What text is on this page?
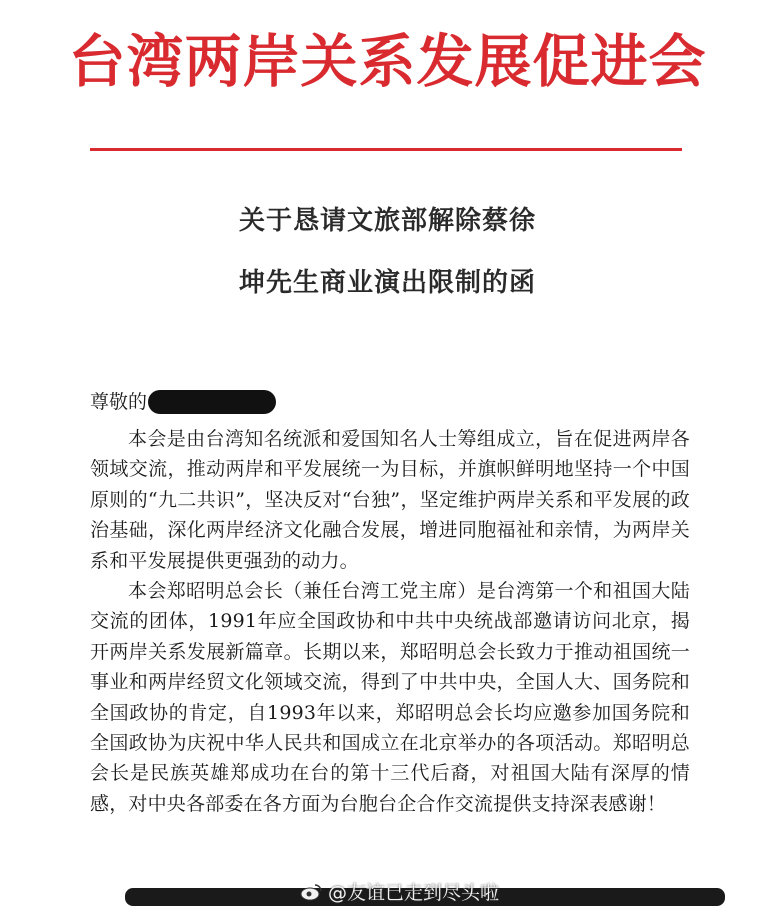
台湾两岸关系发展促进会
关于恳请文旅部解除蔡徐
坤先生商业演出限制的函
尊敬的

本会是由台湾知名统派和爱国知名人士筹组成立，旨在促进两岸各领域交流，推动两岸和平发展统一为目标，并旗帜鲜明地坚持一个中国原则的“九二共识”，坚决反对“台独”，坚定维护两岸关系和平发展的政治基础，深化两岸经济文化融合发展，增进同胞福祉和亲情，为两岸关系和平发展提供更强劲的动力。

本会郑昭明总会长（兼任台湾工党主席）是台湾第一个和祖国大陆交流的团体，1991年应全国政协和中共中央统战部邀请访问北京，揭开两岸关系发展新篇章。长期以来，郑昭明总会长致力于推动祖国统一事业和两岸经贸文化领域交流，得到了中共中央，全国人大、国务院和全国政协的肯定，自1993年以来，郑昭明总会长均应邀参加国务院和全国政协为庆祝中华人民共和国成立在北京举办的各项活动。郑昭明总会长是民族英雄郑成功在台的第十三代后裔，对祖国大陆有深厚的情感，对中央各部委在各方面为台胞台企合作交流提供支持深表感谢！

@友谊已走到尽头啦
